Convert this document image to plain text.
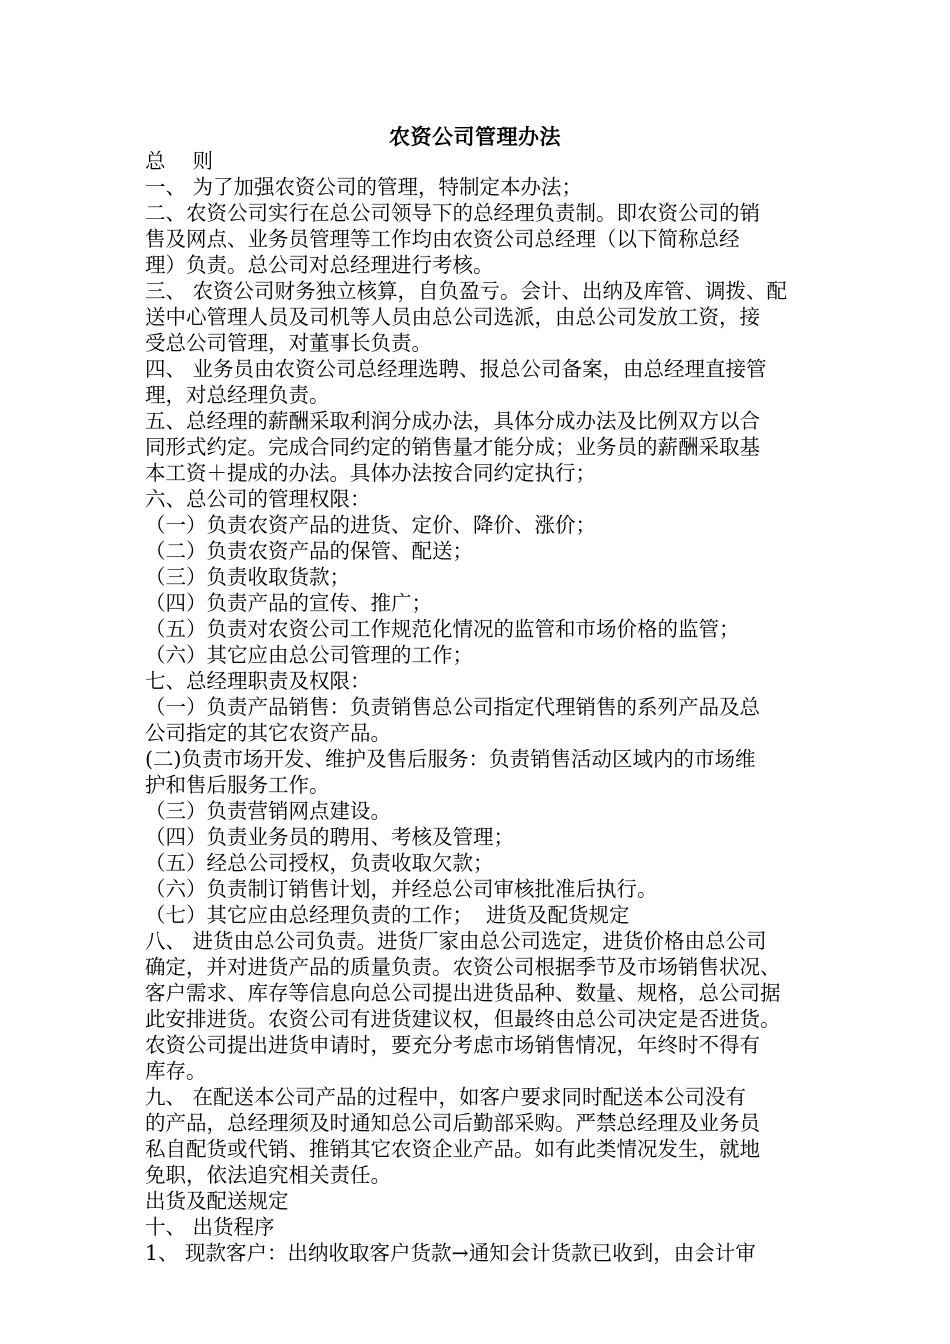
农资公司管理办法
总　 则
一、 为了加强农资公司的管理，特制定本办法；
二、农资公司实行在总公司领导下的总经理负责制。即农资公司的销
售及网点、业务员管理等工作均由农资公司总经理（以下简称总经
理）负责。总公司对总经理进行考核。
三、 农资公司财务独立核算，自负盈亏。会计、出纳及库管、调拨、配
送中心管理人员及司机等人员由总公司选派，由总公司发放工资，接
受总公司管理，对董事长负责。
四、 业务员由农资公司总经理选聘、报总公司备案，由总经理直接管
理，对总经理负责。
五、总经理的薪酬采取利润分成办法，具体分成办法及比例双方以合
同形式约定。完成合同约定的销售量才能分成；业务员的薪酬采取基
本工资＋提成的办法。具体办法按合同约定执行；
六、总公司的管理权限：
（一）负责农资产品的进货、定价、降价、涨价；
（二）负责农资产品的保管、配送；
（三）负责收取货款；
（四）负责产品的宣传、推广；
（五）负责对农资公司工作规范化情况的监管和市场价格的监管；
（六）其它应由总公司管理的工作；
七、总经理职责及权限：
（一）负责产品销售：负责销售总公司指定代理销售的系列产品及总
公司指定的其它农资产品。
(二)负责市场开发、维护及售后服务：负责销售活动区域内的市场维
护和售后服务工作。
（三）负责营销网点建设。
（四）负责业务员的聘用、考核及管理；
（五）经总公司授权，负责收取欠款；
（六）负责制订销售计划，并经总公司审核批准后执行。
（七）其它应由总经理负责的工作；  进货及配货规定
八、 进货由总公司负责。进货厂家由总公司选定，进货价格由总公司
确定，并对进货产品的质量负责。农资公司根据季节及市场销售状况、
客户需求、库存等信息向总公司提出进货品种、数量、规格，总公司据
此安排进货。农资公司有进货建议权，但最终由总公司决定是否进货。
农资公司提出进货申请时，要充分考虑市场销售情况，年终时不得有
库存。
九、 在配送本公司产品的过程中，如客户要求同时配送本公司没有
的产品，总经理须及时通知总公司后勤部采购。严禁总经理及业务员
私自配货或代销、推销其它农资企业产品。如有此类情况发生，就地
免职，依法追究相关责任。
出货及配送规定
十、 出货程序
1、 现款客户：出纳收取客户货款→通知会计货款已收到，由会计审
